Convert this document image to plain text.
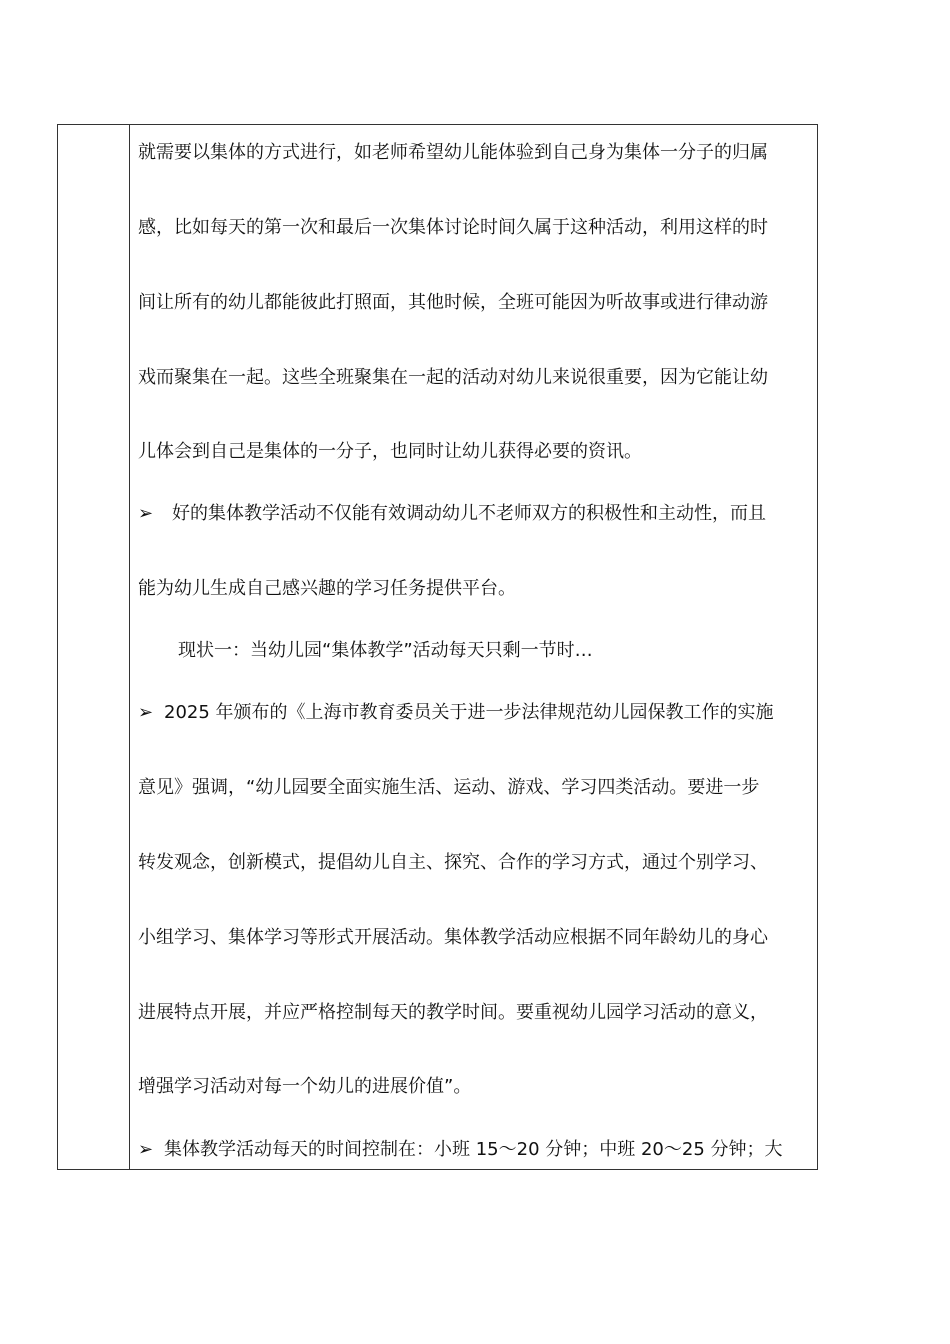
就需要以集体的方式进行，如老师希望幼儿能体验到自己身为集体一分子的归属
感，比如每天的第一次和最后一次集体讨论时间久属于这种活动，利用这样的时
间让所有的幼儿都能彼此打照面，其他时候，全班可能因为听故事或进行律动游
戏而聚集在一起。这些全班聚集在一起的活动对幼儿来说很重要，因为它能让幼
儿体会到自己是集体的一分子，也同时让幼儿获得必要的资讯。
➢ 好的集体教学活动不仅能有效调动幼儿不老师双方的积极性和主动性，而且
能为幼儿生成自己感兴趣的学习任务提供平台。
现状一：当幼儿园“集体教学”活动每天只剩一节时…
➢ 2025 年颁布的《上海市教育委员关于进一步法律规范幼儿园保教工作的实施
意见》强调，“幼儿园要全面实施生活、运动、游戏、学习四类活动。要进一步
转发观念，创新模式，提倡幼儿自主、探究、合作的学习方式，通过个别学习、
小组学习、集体学习等形式开展活动。集体教学活动应根据不同年龄幼儿的身心
进展特点开展，并应严格控制每天的教学时间。要重视幼儿园学习活动的意义，
增强学习活动对每一个幼儿的进展价值”。
➢ 集体教学活动每天的时间控制在：小班 15～20 分钟；中班 20～25 分钟；大
